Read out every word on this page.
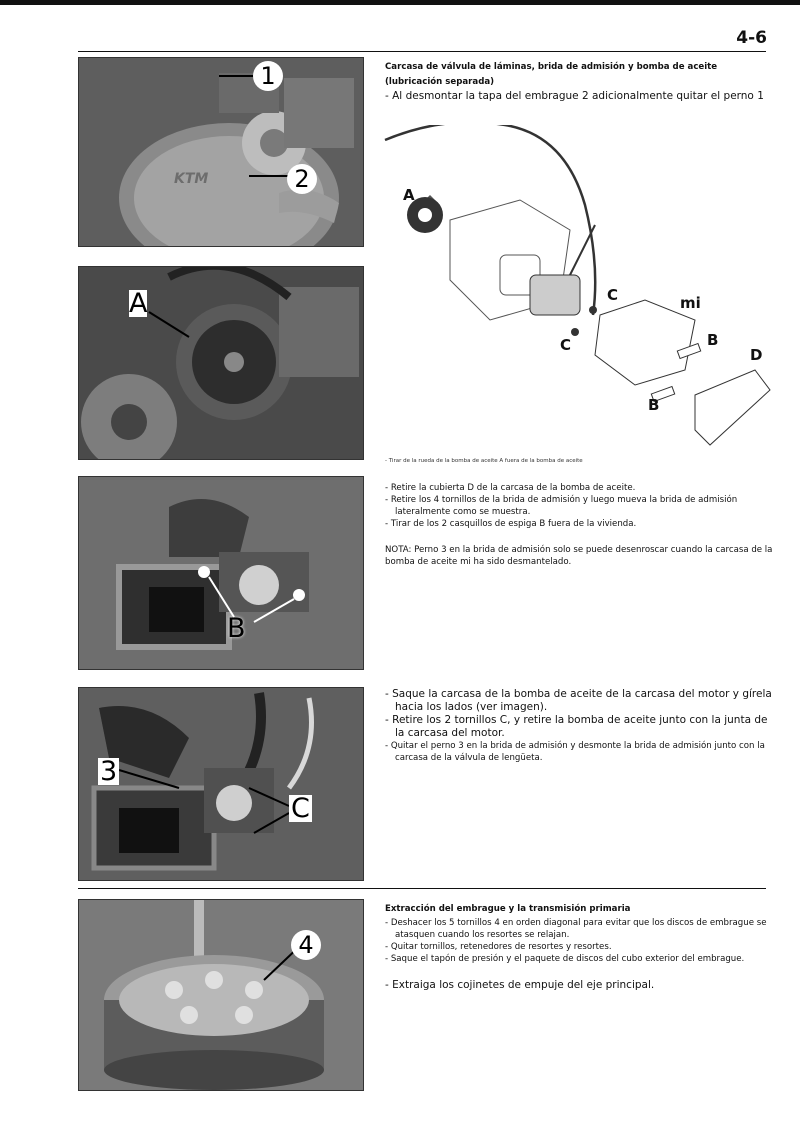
4-6
KTM
1
2
A
Carcasa de válvula de láminas, brida de admisión y bomba de aceite (lubricación separada)

- Al desmontar la tapa del embrague 2 adicionalmente quitar el perno 1

A
C
C
mi
B
B
D
- Tirar de la rueda de la bomba de aceite A fuera de la bomba de aceite
B

- Retire la cubierta D de la carcasa de la bomba de aceite.

- Retire los 4 tornillos de la brida de admisión y luego mueva la brida de admisión lateralmente como se muestra.

- Tirar de los 2 casquillos de espiga B fuera de la vivienda.

NOTA: Perno 3 en la brida de admisión solo se puede desenroscar cuando la carcasa de la bomba de aceite mi ha sido desmantelado.

3
C

- Saque la carcasa de la bomba de aceite de la carcasa del motor y gírela hacia los lados (ver imagen).

- Retire los 2 tornillos C, y retire la bomba de aceite junto con la junta de la carcasa del motor.

- Quitar el perno 3 en la brida de admisión y desmonte la brida de admisión junto con la carcasa de la válvula de lengüeta.

4
Extracción del embrague y la transmisión primaria

- Deshacer los 5 tornillos 4 en orden diagonal para evitar que los discos de embrague se atasquen cuando los resortes se relajan.

- Quitar tornillos, retenedores de resortes y resortes.

- Saque el tapón de presión y el paquete de discos del cubo exterior del embrague.

- Extraiga los cojinetes de empuje del eje principal.
